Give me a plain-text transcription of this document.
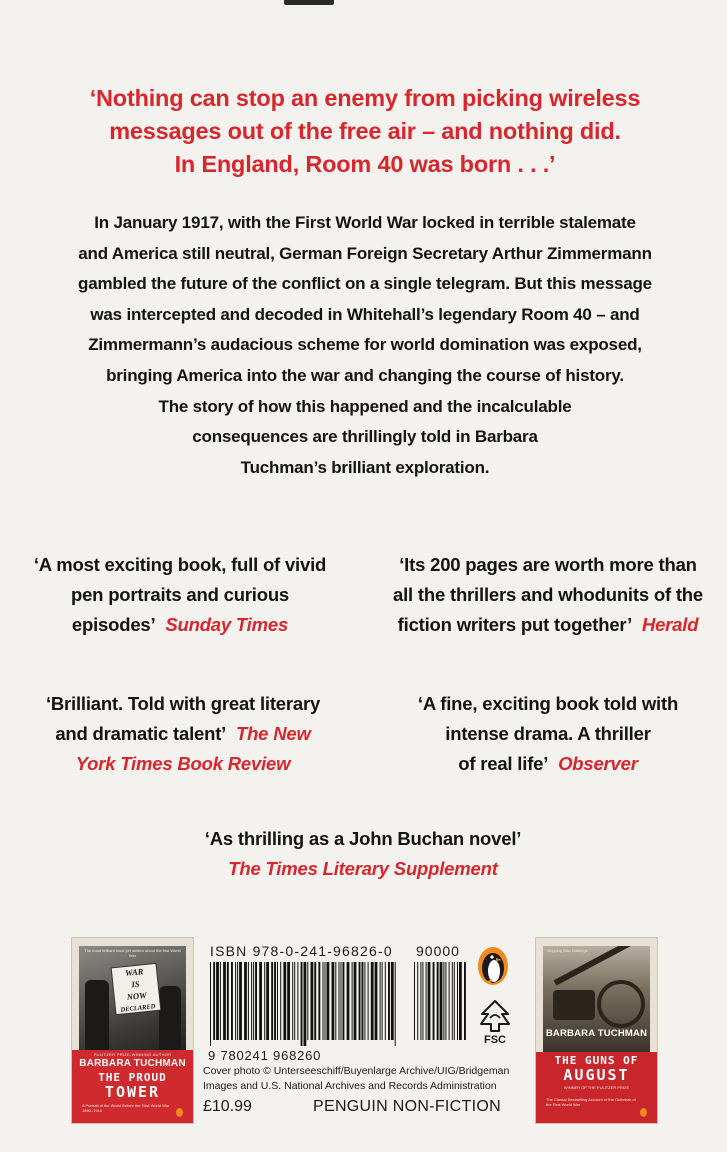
‘Nothing can stop an enemy from picking wireless
messages out of the free air – and nothing did.
In England, Room 40 was born . . .’
In January 1917, with the First World War locked in terrible stalemate
and America still neutral, German Foreign Secretary Arthur Zimmermann
gambled the future of the conflict on a single telegram. But this message
was intercepted and decoded in Whitehall’s legendary Room 40 – and
Zimmermann’s audacious scheme for world domination was exposed,
bringing America into the war and changing the course of history.
The story of how this happened and the incalculable
consequences are thrillingly told in Barbara
Tuchman’s brilliant exploration.
‘A most exciting book, full of vivid
pen portraits and curious
episodes’ Sunday Times
‘Its 200 pages are worth more than
all the thrillers and whodunits of the
fiction writers put together’ Herald
‘Brilliant. Told with great literary
and dramatic talent’ The New
York Times Book Review
‘A fine, exciting book told with
intense drama. A thriller
of real life’ Observer
‘As thrilling as a John Buchan novel’
The Times Literary Supplement
The most brilliant book yet written about the first World War
WAR
IS
NOW
DECLARED
PULITZER PRIZE-WINNING AUTHOR
BARBARA TUCHMAN
THE PROUD
TOWER
A Portrait of the World Before the First World War 1890–1914
Gripping Max Hastings
BARBARA TUCHMAN
THE GUNS OF
AUGUST
WINNER OF THE PULITZER PRIZE
The Classic Bestselling Account of the Outbreak of the First World War
ISBN 978-0-241-96826-0
9 780241 968260
90000
FSC
Cover photo © Unterseeschiff/Buyenlarge Archive/UIG/Bridgeman Images and U.S. National Archives and Records Administration
£10.99	PENGUIN NON-FICTION
